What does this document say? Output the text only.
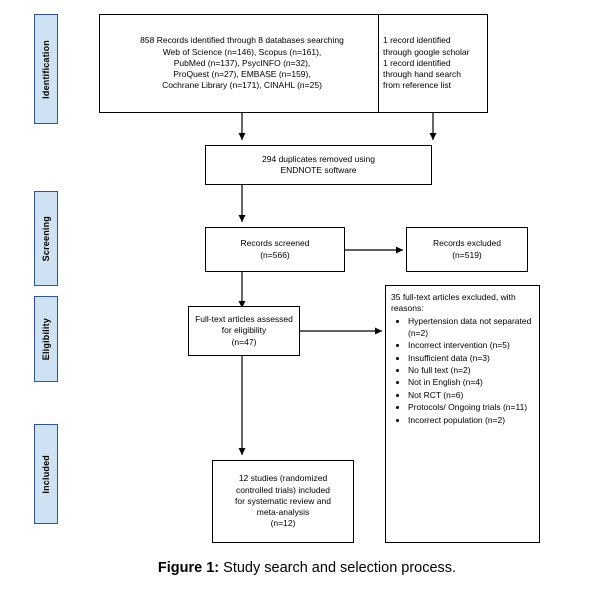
Identification
Screening
Eligibility
Included
858 Records identified through 8 databases searching
Web of Science (n=146), Scopus (n=161),
PubMed (n=137), PsycINFO (n=32),
ProQuest (n=27), EMBASE (n=159),
Cochrane Library (n=171), CINAHL (n=25)
1 record identified
through google scholar
1 record identified
through hand search
from reference list
294 duplicates removed using
ENDNOTE software
Records screened
(n=566)
Records excluded
(n=519)
Full-text articles assessed
for eligibility
(n=47)
35 full-text articles excluded, with reasons:
• Hypertension data not separated (n=2)
• Incorrect intervention (n=5)
• Insufficient data (n=3)
• No full text (n=2)
• Not in English (n=4)
• Not RCT (n=6)
• Protocols/ Ongoing trials (n=11)
• Incorrect population (n=2)
12 studies (randomized
controlled trials) included
for systematic review and
meta-analysis
(n=12)
Figure 1: Study search and selection process.
